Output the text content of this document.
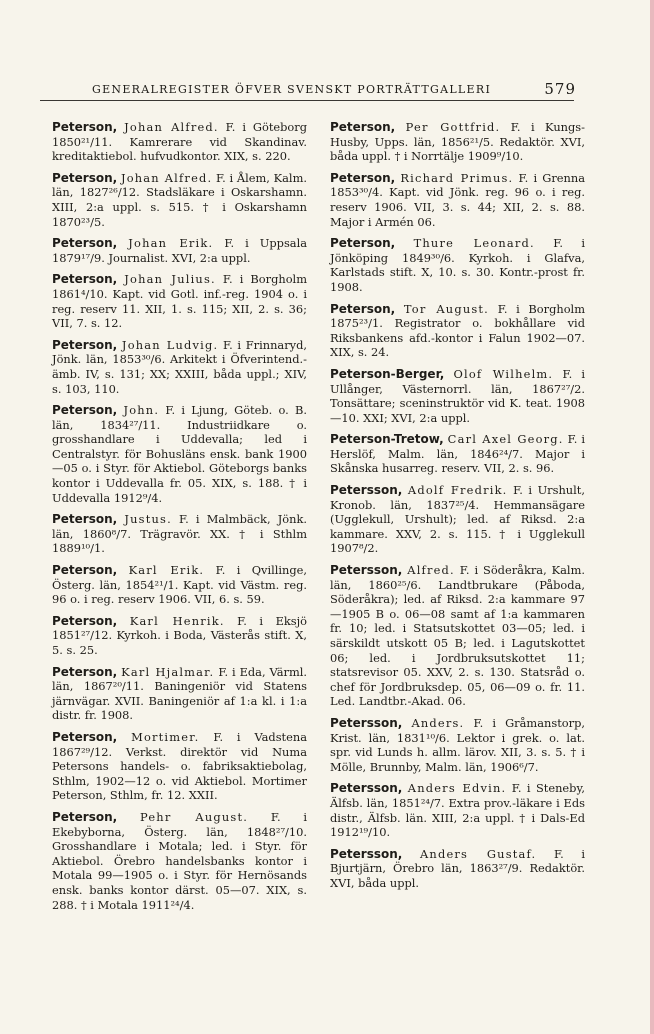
GENERALREGISTER ÖFVER SVENSKT PORTRÄTTGALLERI	579

Peterson, Johan Alfred. F. i Göteborg 1850²¹/11. Kamrerare vid Skandinav. kreditaktiebol. hufvudkontor. XIX, s. 220.

Peterson, Johan Alfred. F. i Ålem, Kalm. län, 1827²⁶/12. Stadsläkare i Oskarshamn. XIII, 2:a uppl. s. 515. † i Oskarshamn 1870²³/5.

Peterson, Johan Erik. F. i Uppsala 1879¹⁷/9. Journalist. XVI, 2:a uppl.

Peterson, Johan Julius. F. i Borgholm 1861⁴/10. Kapt. vid Gotl. inf.-reg. 1904 o. i reg. reserv 11. XII, 1. s. 115; XII, 2. s. 36; VII, 7. s. 12.

Peterson, Johan Ludvig. F. i Frinnaryd, Jönk. län, 1853³⁰/6. Arkitekt i Öfverintend.-ämb. IV, s. 131; XX; XXIII, båda uppl.; XIV, s. 103, 110.

Peterson, John. F. i Ljung, Göteb. o. B. län, 1834²⁷/11. Industriidkare o. grosshandlare i Uddevalla; led i Centralstyr. för Bohusläns ensk. bank 1900—05 o. i Styr. för Aktiebol. Göteborgs banks kontor i Uddevalla fr. 05. XIX, s. 188. † i Uddevalla 1912⁹/4.

Peterson, Justus. F. i Malmbäck, Jönk. län, 1860⁸/7. Trägravör. XX. † i Sthlm 1889¹⁰/1.

Peterson, Karl Erik. F. i Qvillinge, Österg. län, 1854²¹/1. Kapt. vid Västm. reg. 96 o. i reg. reserv 1906. VII, 6. s. 59.

Peterson, Karl Henrik. F. i Eksjö 1851²⁷/12. Kyrkoh. i Boda, Västerås stift. X, 5. s. 25.

Peterson, Karl Hjalmar. F. i Eda, Värml. län, 1867²⁰/11. Baningeniör vid Statens järnvägar. XVII. Baningeniör af 1:a kl. i 1:a distr. fr. 1908.

Peterson, Mortimer. F. i Vadstena 1867²⁹/12. Verkst. direktör vid Numa Petersons handels- o. fabriksaktiebolag, Sthlm, 1902—12 o. vid Aktiebol. Mortimer Peterson, Sthlm, fr. 12. XXII.

Peterson, Pehr August. F. i Ekebyborna, Österg. län, 1848²⁷/10. Grosshandlare i Motala; led. i Styr. för Aktiebol. Örebro handelsbanks kontor i Motala 99—1905 o. i Styr. för Hernösands ensk. banks kontor därst. 05—07. XIX, s. 288. † i Motala 1911²⁴/4.

Peterson, Per Gottfrid. F. i Kungs-Husby, Upps. län, 1856²¹/5. Redaktör. XVI, båda uppl. † i Norrtälje 1909⁹/10.

Peterson, Richard Primus. F. i Grenna 1853³⁰/4. Kapt. vid Jönk. reg. 96 o. i reg. reserv 1906. VII, 3. s. 44; XII, 2. s. 88. Major i Armén 06.

Peterson, Thure Leonard. F. i Jönköping 1849³⁰/6. Kyrkoh. i Glafva, Karlstads stift. X, 10. s. 30. Kontr.-prost fr. 1908.

Peterson, Tor August. F. i Borgholm 1875²³/1. Registrator o. bokhållare vid Riksbankens afd.-kontor i Falun 1902—07. XIX, s. 24.

Peterson-Berger, Olof Wilhelm. F. i Ullånger, Västernorrl. län, 1867²⁷/2. Tonsättare; sceninstruktör vid K. teat. 1908—10. XXI; XVI, 2:a uppl.

Peterson-Tretow, Carl Axel Georg. F. i Herslöf, Malm. län, 1846²⁴/7. Major i Skånska husarreg. reserv. VII, 2. s. 96.

Petersson, Adolf Fredrik. F. i Urshult, Kronob. län, 1837²⁵/4. Hemmansägare (Ugglekull, Urshult); led. af Riksd. 2:a kammare. XXV, 2. s. 115. † i Ugglekull 1907⁸/2.

Petersson, Alfred. F. i Söderåkra, Kalm. län, 1860²⁵/6. Landtbrukare (Påboda, Söderåkra); led. af Riksd. 2:a kammare 97—1905 B o. 06—08 samt af 1:a kammaren fr. 10; led. i Statsutskottet 03—05; led. i särskildt utskott 05 B; led. i Lagutskottet 06; led. i Jordbruksutskottet 11; statsrevisor 05. XXV, 2. s. 130. Statsråd o. chef för Jordbruksdep. 05, 06—09 o. fr. 11. Led. Landtbr.-Akad. 06.

Petersson, Anders. F. i Gråmanstorp, Krist. län, 1831¹⁰/6. Lektor i grek. o. lat. spr. vid Lunds h. allm. lärov. XII, 3. s. 5. † i Mölle, Brunnby, Malm. län, 1906⁶/7.

Petersson, Anders Edvin. F. i Steneby, Älfsb. län, 1851²⁴/7. Extra prov.-läkare i Eds distr., Älfsb. län. XIII, 2:a uppl. † i Dals-Ed 1912¹⁹/10.

Petersson, Anders Gustaf. F. i Bjurtjärn, Örebro län, 1863²⁷/9. Redaktör. XVI, båda uppl.
